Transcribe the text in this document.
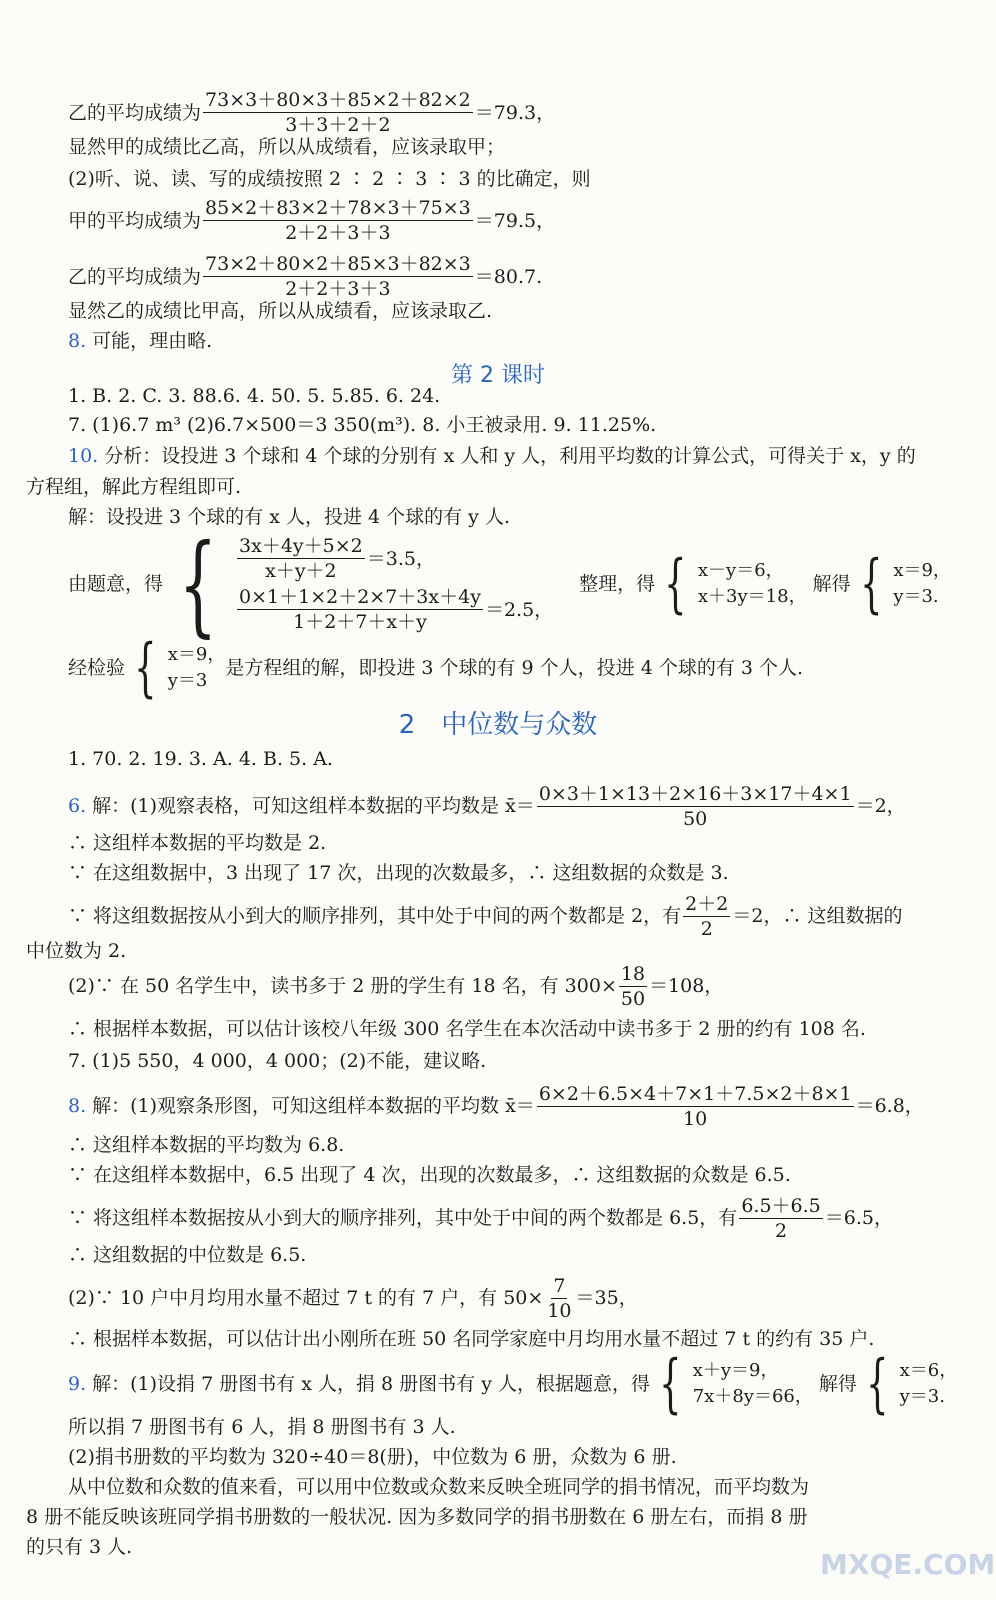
乙的平均成绩为 $\frac{73\times 3+80\times 3+85\times 2+82\times 2}{3+3+2+2} =79.3$，
显然甲的成绩比乙高，所以从成绩看，应该录取甲；
(2)听、说、读、写的成绩按照 2 ∶ 2 ∶ 3 ∶ 3 的比确定，则
甲的平均成绩为 $\frac{85\times 2+83\times 2+78\times 3+75\times 3}{2+2+3+3} =79.5$，
乙的平均成绩为 $\frac{73\times 2+80\times 2+85\times 3+82\times 3}{2+2+3+3} =80.7$.
显然乙的成绩比甲高，所以从成绩看，应该录取乙.
8. 可能，理由略.
第 2 课时
1. B. 2. C. 3. 88.6. 4. 50. 5. 5.85. 6. 24.
7. (1)6.7 m³ (2)6.7×500＝3 350(m³). 8. 小王被录用. 9. 11.25%.
10. 分析：设投进 3 个球和 4 个球的分别有 x 人和 y 人，利用平均数的计算公式，可得关于 x，y 的
方程组，解此方程组即可.
解：设投进 3 个球的有 x 人，投进 4 个球的有 y 人.
由题意，得 { $\frac{3x+4y+5\times 2}{x+y+2} =3.5$，
$\frac{0\times 1+1\times 2+2\times 7+3x+4y}{1+2+7+x+y} =2.5$，
整理，得 { x－y＝6，
x＋3y＝18，
解得 { x＝9，
y＝3.
经检验 { x＝9，
y＝3
是方程组的解，即投进 3 个球的有 9 个人，投进 4 个球的有 3 个人.
2　中位数与众数
1. 70. 2. 19. 3. A. 4. B. 5. A.
6. 解：(1)观察表格，可知这组样本数据的平均数是 x̄＝ $\frac{0\times 3+1\times 13+2\times 16+3\times 17+4\times 1}{50} =2$，
∴ 这组样本数据的平均数是 2.
∵ 在这组数据中，3 出现了 17 次，出现的次数最多，∴ 这组数据的众数是 3.
∵ 将这组数据按从小到大的顺序排列，其中处于中间的两个数都是 2，有 $\frac{2+2}{2} =2$，∴ 这组数据的
中位数为 2.
(2)∵ 在 50 名学生中，读书多于 2 册的学生有 18 名，有 $300\times \frac{18}{50} =108$，
∴ 根据样本数据，可以估计该校八年级 300 名学生在本次活动中读书多于 2 册的约有 108 名.
7. (1)5 550，4 000，4 000；(2)不能，建议略.
8. 解：(1)观察条形图，可知这组样本数据的平均数 x̄＝ $\frac{6\times 2+6.5\times 4+7\times 1+7.5\times 2+8\times 1}{10} =6.8$，
∴ 这组样本数据的平均数为 6.8.
∵ 在这组样本数据中，6.5 出现了 4 次，出现的次数最多，∴ 这组数据的众数是 6.5.
∵ 将这组样本数据按从小到大的顺序排列，其中处于中间的两个数都是 6.5，有 $\frac{6.5+6.5}{2} =6.5$，
∴ 这组数据的中位数是 6.5.
(2)∵ 10 户中月均用水量不超过 7 t 的有 7 户，有 $50\times \frac{7}{10} =35$，
∴ 根据样本数据，可以估计出小刚所在班 50 名同学家庭中月均用水量不超过 7 t 的约有 35 户.
9. 解：(1)设捐 7 册图书有 x 人，捐 8 册图书有 y 人，根据题意，得 { x＋y＝9，
7x＋8y＝66，
解得 { x＝6，
y＝3.
所以捐 7 册图书有 6 人，捐 8 册图书有 3 人.
(2)捐书册数的平均数为 320÷40＝8(册)，中位数为 6 册，众数为 6 册.
从中位数和众数的值来看，可以用中位数或众数来反映全班同学的捐书情况，而平均数为
8 册不能反映该班同学捐书册数的一般状况. 因为多数同学的捐书册数在 6 册左右，而捐 8 册
的只有 3 人.
MXQE.COM
